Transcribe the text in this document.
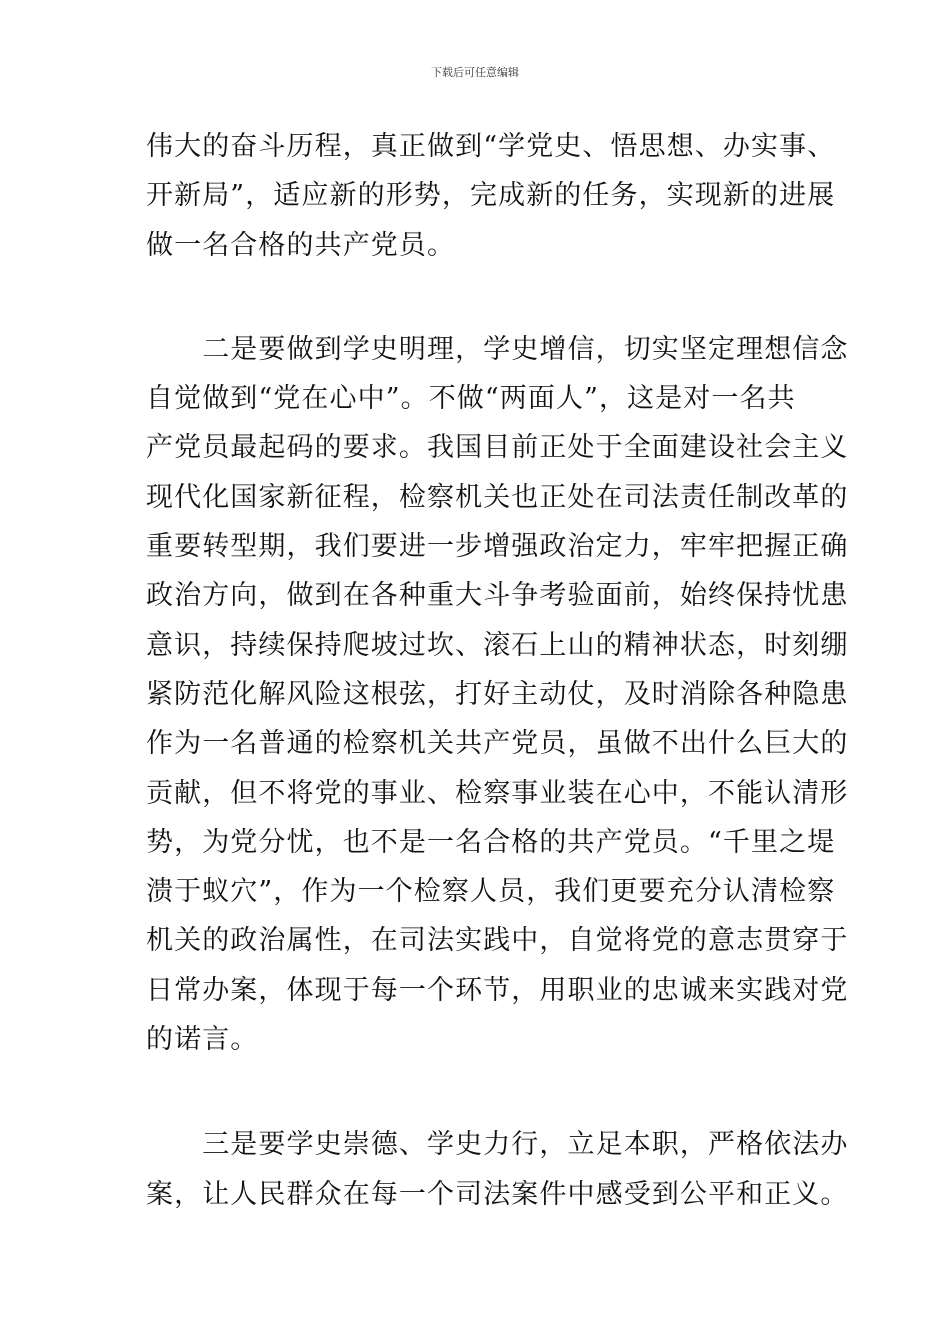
下载后可任意编辑

伟大的奋斗历程，真正做到“学党史、悟思想、办实事、
开新局”，适应新的形势，完成新的任务，实现新的进展
做一名合格的共产党员。

　　二是要做到学史明理，学史增信，切实坚定理想信念
自觉做到“党在心中”。不做“两面人”，这是对一名共
产党员最起码的要求。我国目前正处于全面建设社会主义
现代化国家新征程，检察机关也正处在司法责任制改革的
重要转型期，我们要进一步增强政治定力，牢牢把握正确
政治方向，做到在各种重大斗争考验面前，始终保持忧患
意识，持续保持爬坡过坎、滚石上山的精神状态，时刻绷
紧防范化解风险这根弦，打好主动仗，及时消除各种隐患
作为一名普通的检察机关共产党员，虽做不出什么巨大的
贡献，但不将党的事业、检察事业装在心中，不能认清形
势，为党分忧，也不是一名合格的共产党员。“千里之堤
溃于蚁穴”，作为一个检察人员，我们更要充分认清检察
机关的政治属性，在司法实践中，自觉将党的意志贯穿于
日常办案，体现于每一个环节，用职业的忠诚来实践对党
的诺言。

　　三是要学史崇德、学史力行，立足本职，严格依法办
案，让人民群众在每一个司法案件中感受到公平和正义。
